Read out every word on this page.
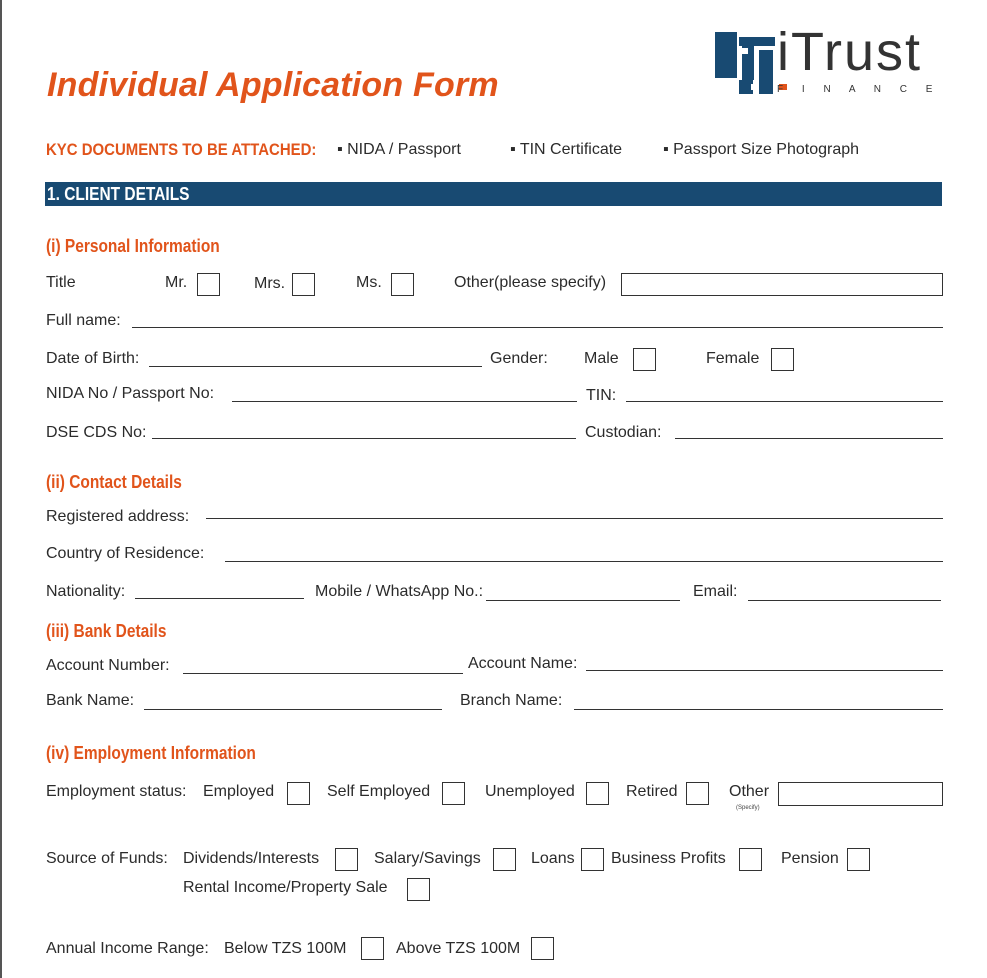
Individual Application Form
iTrust
F I N A N C E
KYC DOCUMENTS TO BE ATTACHED: ▪ NIDA / Passport	▪ TIN Certificate	▪ Passport Size Photograph
1. CLIENT DETAILS
(i) Personal Information
Title	Mr.	Mrs.	Ms.	Other(please specify)
Full name:
Date of Birth:	Gender: Male	Female
NIDA No / Passport No:	TIN:
DSE CDS No:	Custodian:
(ii) Contact Details
Registered address:
Country of Residence:
Nationality:	Mobile / WhatsApp No.:	Email:
(iii) Bank Details
Account Number:	Account Name:
Bank Name:	Branch Name:
(iv) Employment Information
Employment status: Employed	Self Employed	Unemployed	Retired	Other
(Specify)
Source of Funds: Dividends/Interests	Salary/Savings	Loans Business Profits	Pension
Rental Income/Property Sale
Annual Income Range: Below TZS 100M	Above TZS 100M
